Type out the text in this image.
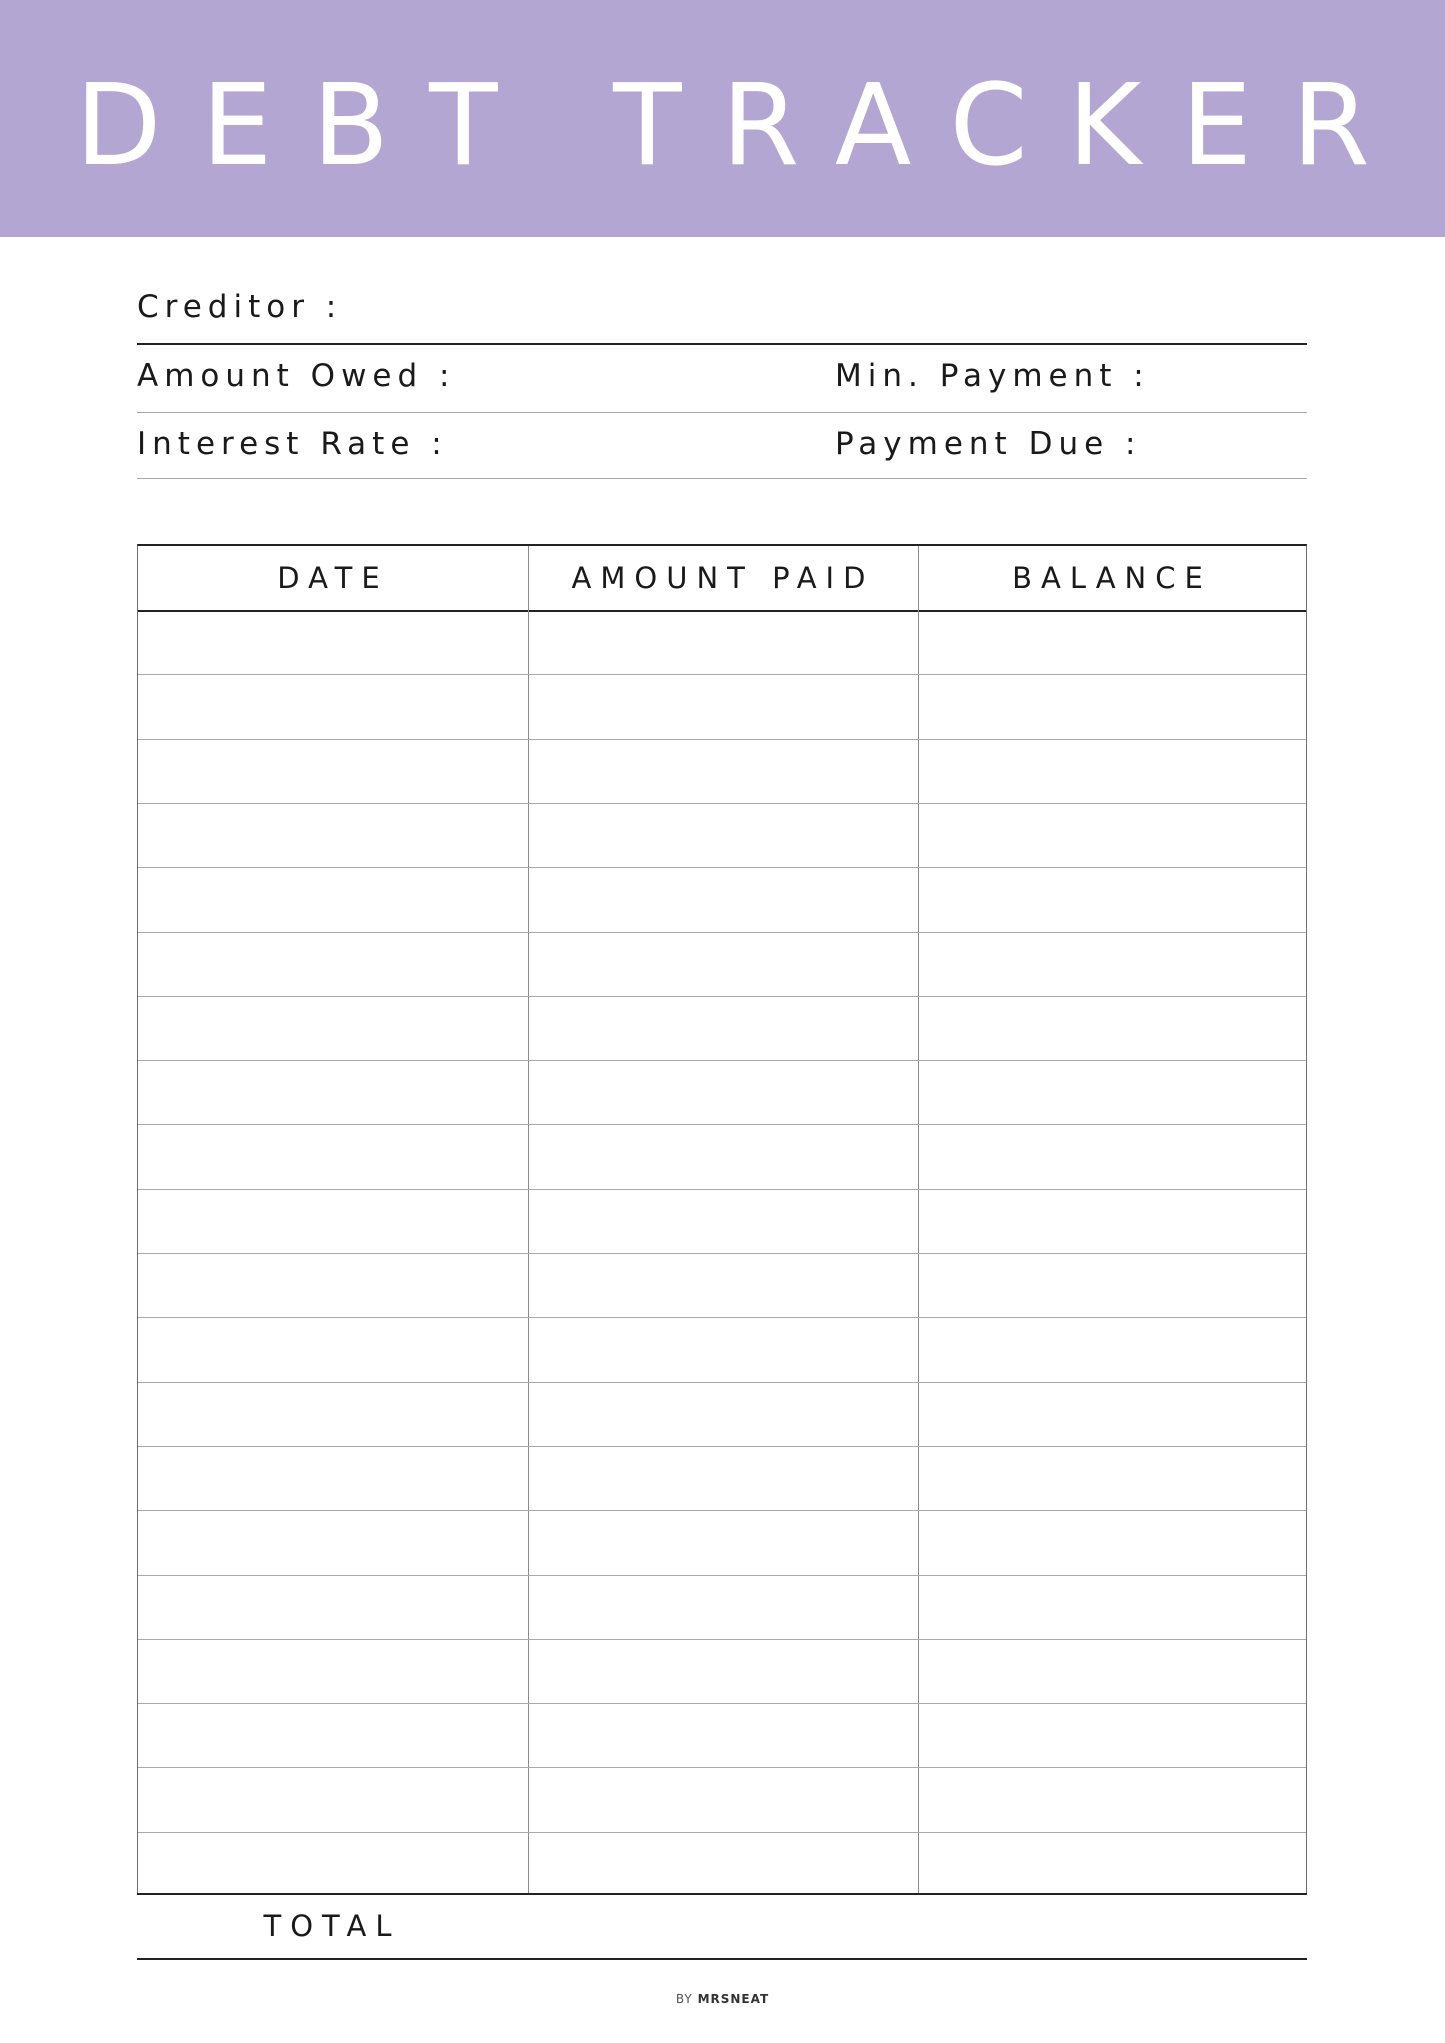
DEBT TRACKER
Creditor :
Amount Owed :	Min. Payment :
Interest Rate :	Payment Due :
DATE	AMOUNT PAID	BALANCE
TOTAL
BY MRSNEAT
